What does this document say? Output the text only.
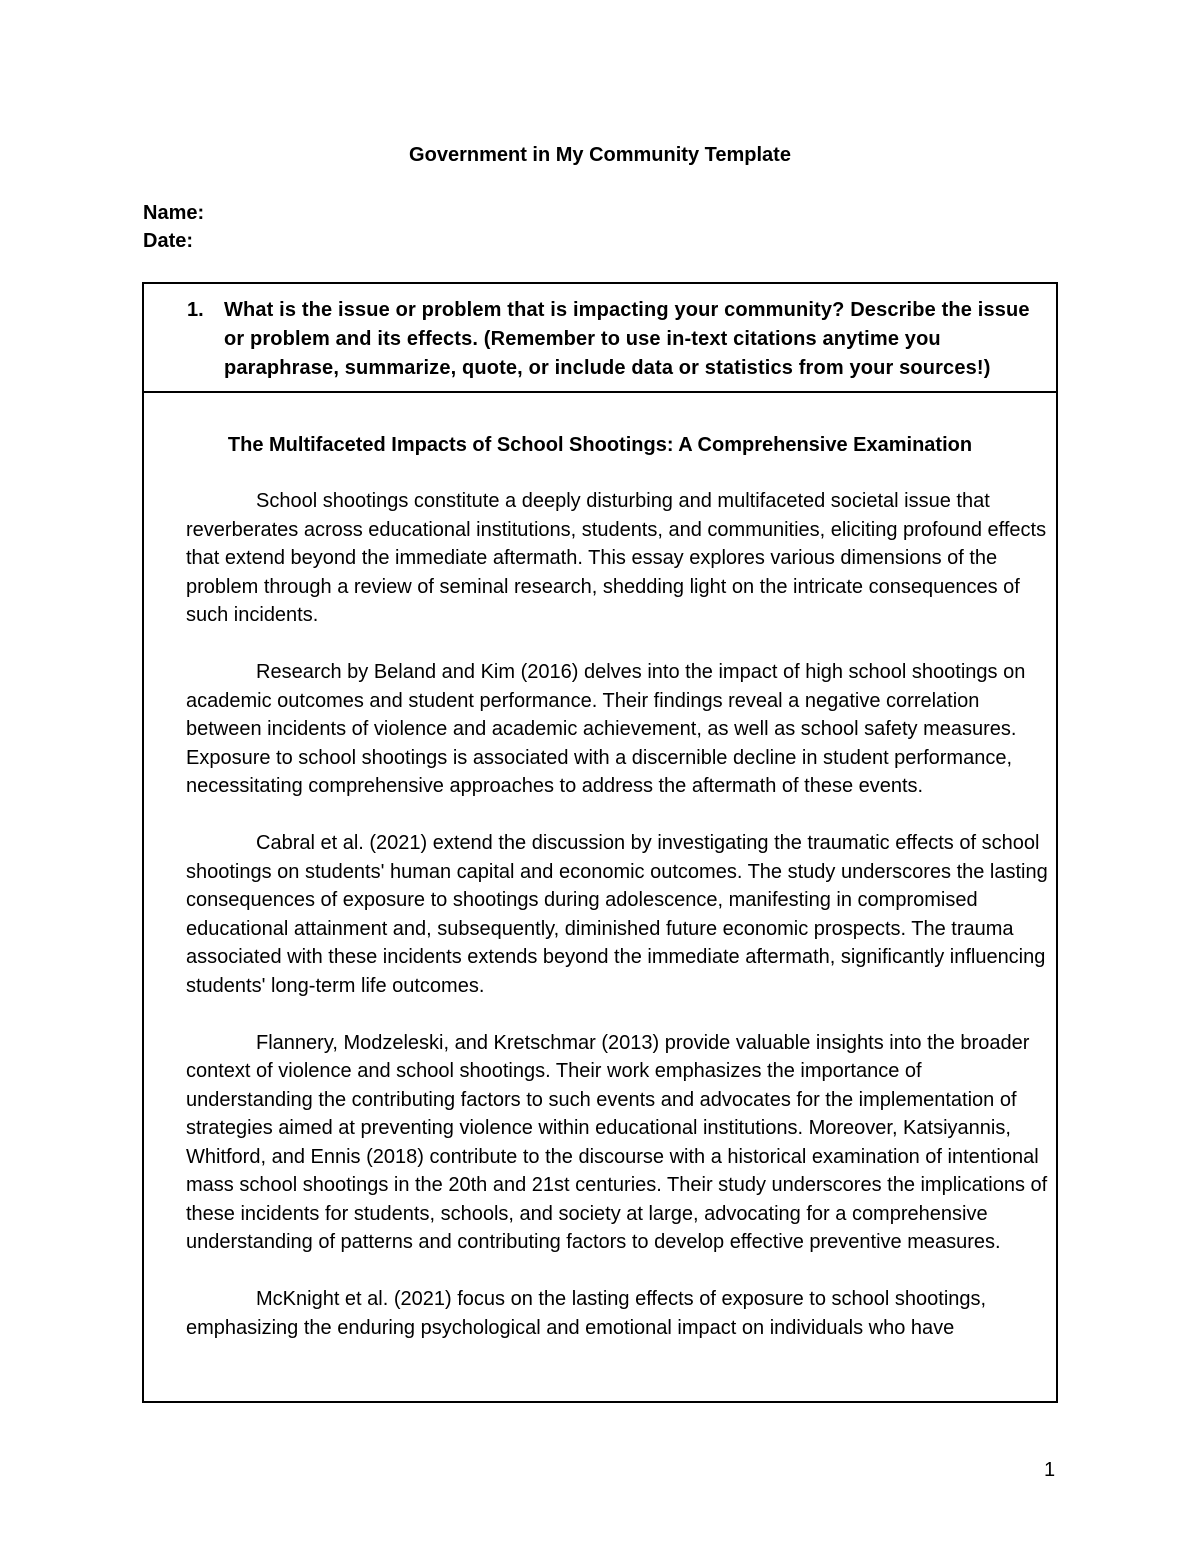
Government in My Community Template
Name:
Date:
1. What is the issue or problem that is impacting your community? Describe the issue or problem and its effects. (Remember to use in-text citations anytime you paraphrase, summarize, quote, or include data or statistics from your sources!)
The Multifaceted Impacts of School Shootings: A Comprehensive Examination

School shootings constitute a deeply disturbing and multifaceted societal issue that reverberates across educational institutions, students, and communities, eliciting profound effects that extend beyond the immediate aftermath. This essay explores various dimensions of the problem through a review of seminal research, shedding light on the intricate consequences of such incidents.

Research by Beland and Kim (2016) delves into the impact of high school shootings on academic outcomes and student performance. Their findings reveal a negative correlation between incidents of violence and academic achievement, as well as school safety measures. Exposure to school shootings is associated with a discernible decline in student performance, necessitating comprehensive approaches to address the aftermath of these events.

Cabral et al. (2021) extend the discussion by investigating the traumatic effects of school shootings on students' human capital and economic outcomes. The study underscores the lasting consequences of exposure to shootings during adolescence, manifesting in compromised educational attainment and, subsequently, diminished future economic prospects. The trauma associated with these incidents extends beyond the immediate aftermath, significantly influencing students' long-term life outcomes.

Flannery, Modzeleski, and Kretschmar (2013) provide valuable insights into the broader context of violence and school shootings. Their work emphasizes the importance of understanding the contributing factors to such events and advocates for the implementation of strategies aimed at preventing violence within educational institutions. Moreover, Katsiyannis, Whitford, and Ennis (2018) contribute to the discourse with a historical examination of intentional mass school shootings in the 20th and 21st centuries. Their study underscores the implications of these incidents for students, schools, and society at large, advocating for a comprehensive understanding of patterns and contributing factors to develop effective preventive measures.

McKnight et al. (2021) focus on the lasting effects of exposure to school shootings, emphasizing the enduring psychological and emotional impact on individuals who have

1
